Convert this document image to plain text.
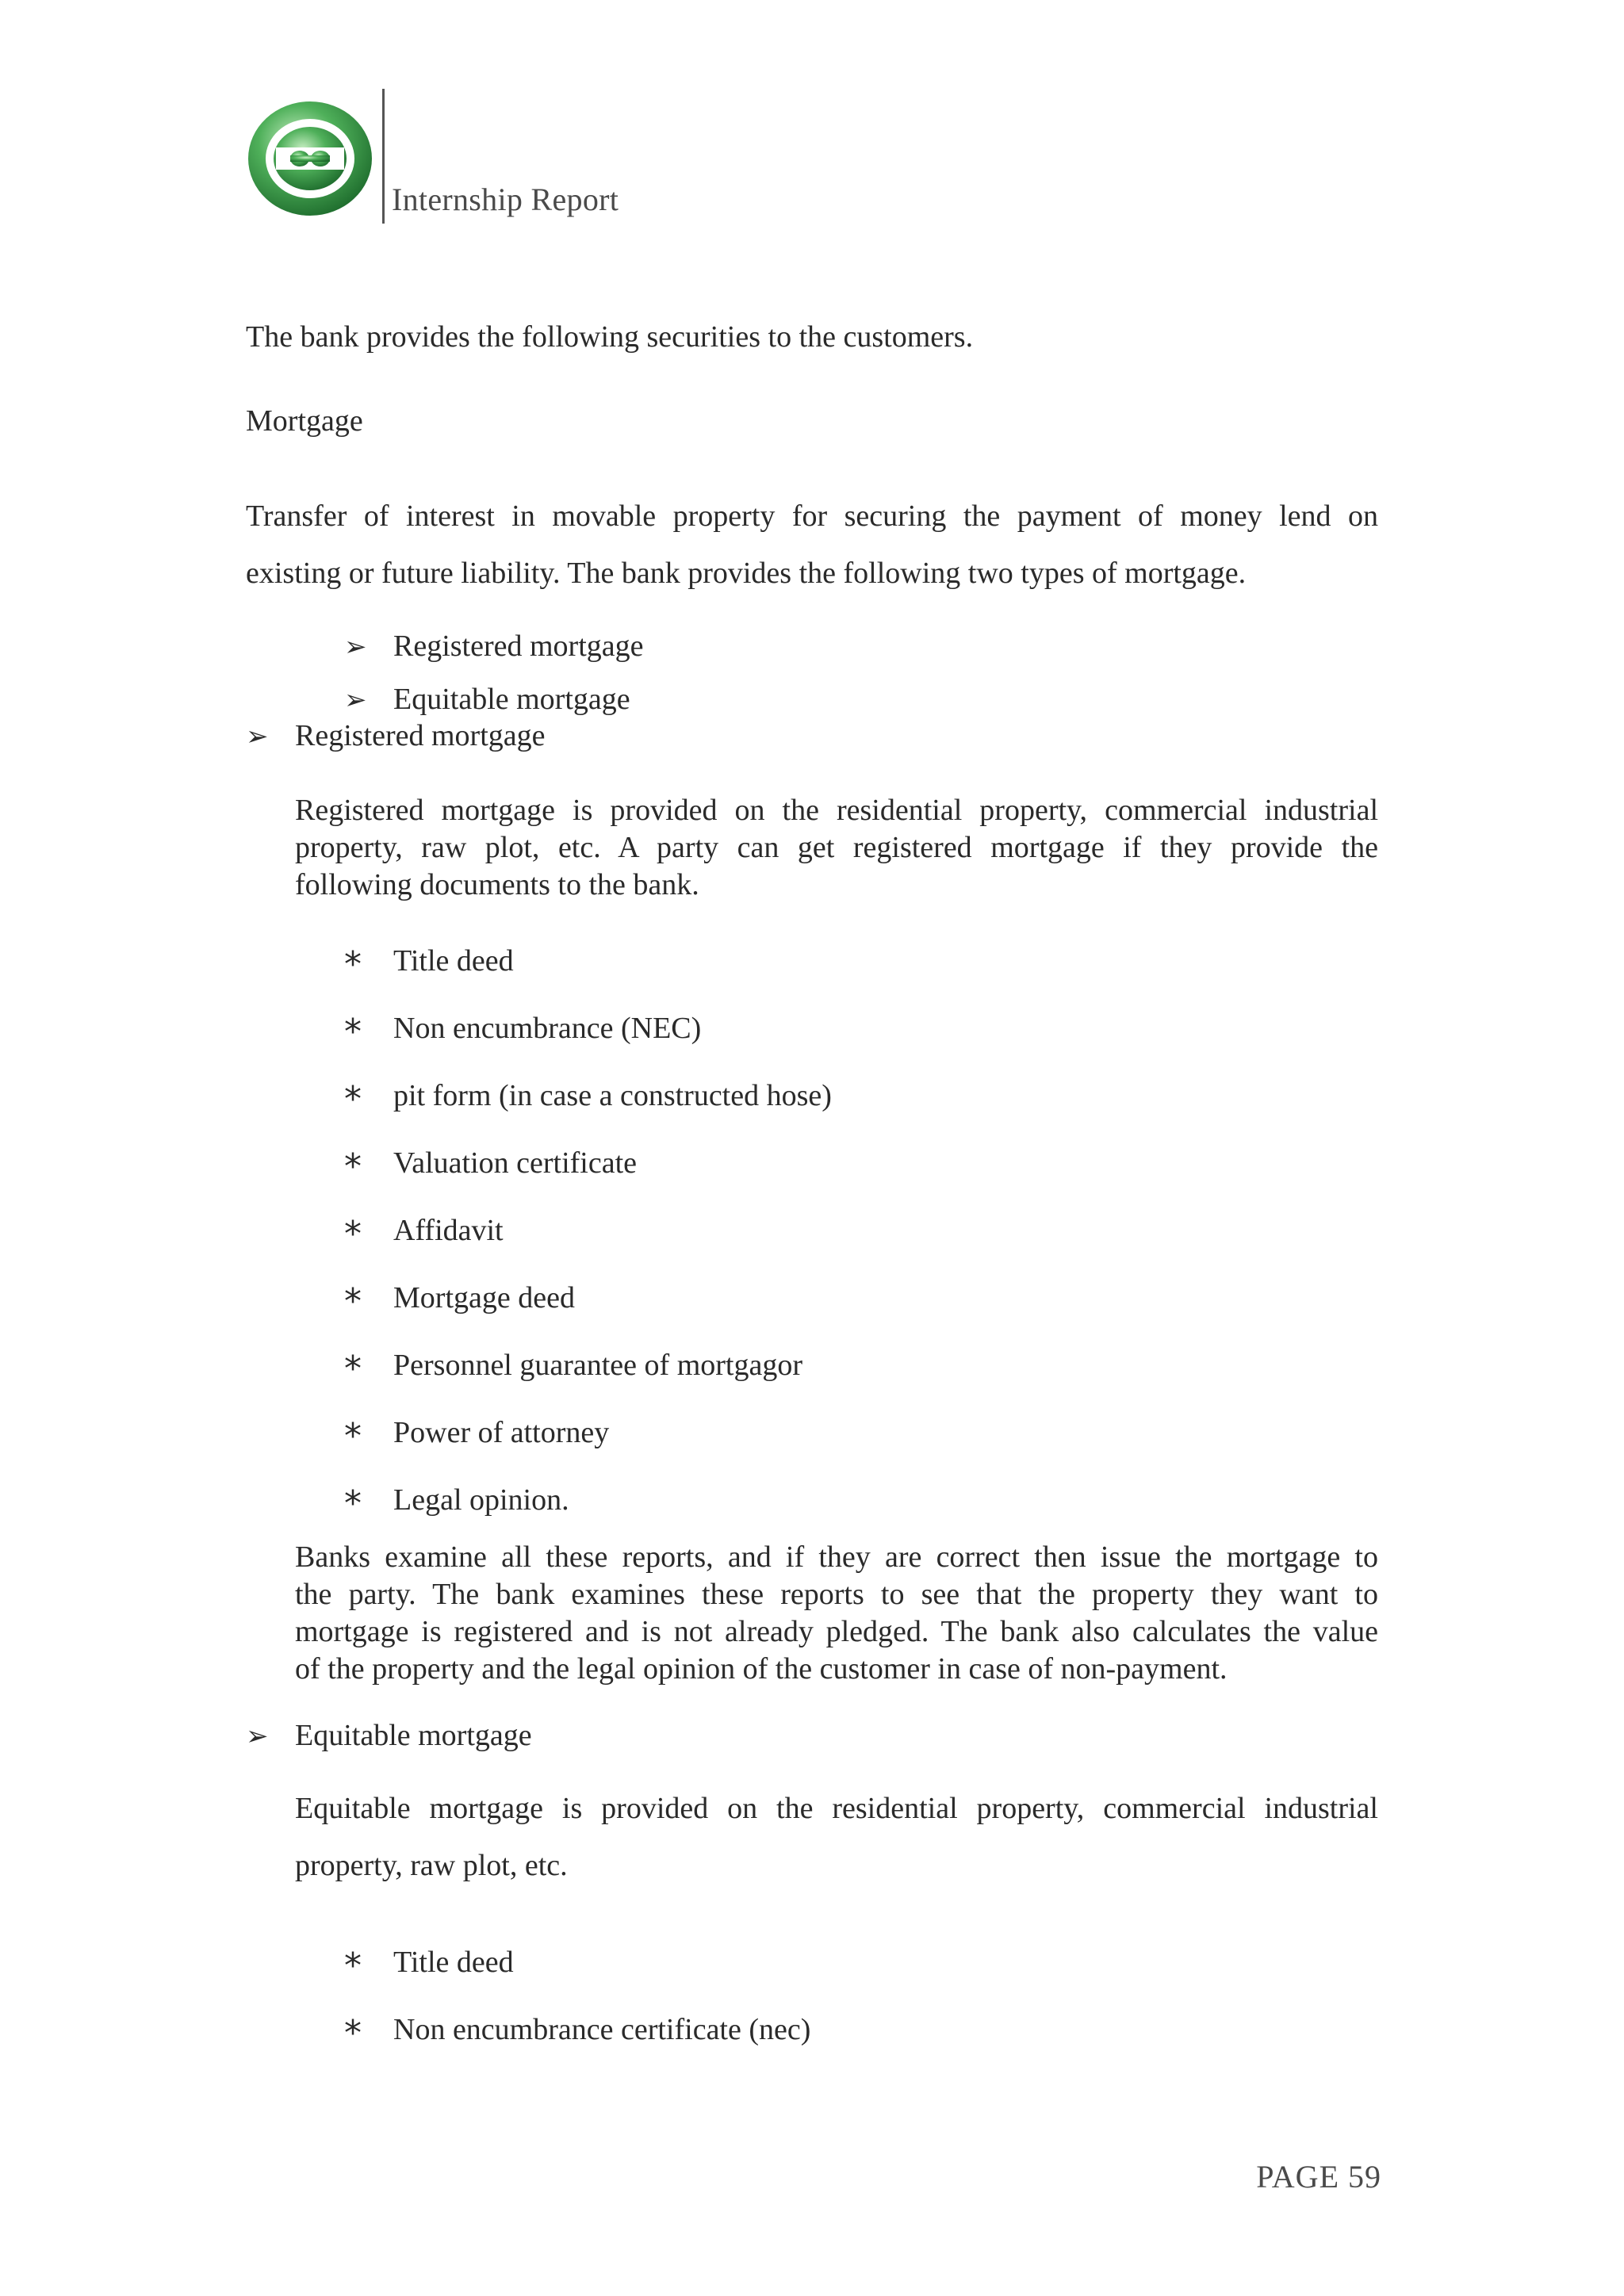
Internship Report
The bank provides the following securities to the customers.
Mortgage
Transfer of interest in movable property for securing the payment of money lend on
existing or future liability. The bank provides the following two types of mortgage.
➢ Registered mortgage
➢ Equitable mortgage
➢ Registered mortgage
Registered mortgage is provided on the residential property, commercial industrial
property, raw plot, etc. A party can get registered mortgage if they provide the
following documents to the bank.
* Title deed
* Non encumbrance (NEC)
* pit form (in case a constructed hose)
* Valuation certificate
* Affidavit
* Mortgage deed
* Personnel guarantee of mortgagor
* Power of attorney
* Legal opinion.
Banks examine all these reports, and if they are correct then issue the mortgage to
the party. The bank examines these reports to see that the property they want to
mortgage is registered and is not already pledged. The bank also calculates the value
of the property and the legal opinion of the customer in case of non-payment.
➢ Equitable mortgage
Equitable mortgage is provided on the residential property, commercial industrial
property, raw plot, etc.
* Title deed
* Non encumbrance certificate (nec)
PAGE 59
